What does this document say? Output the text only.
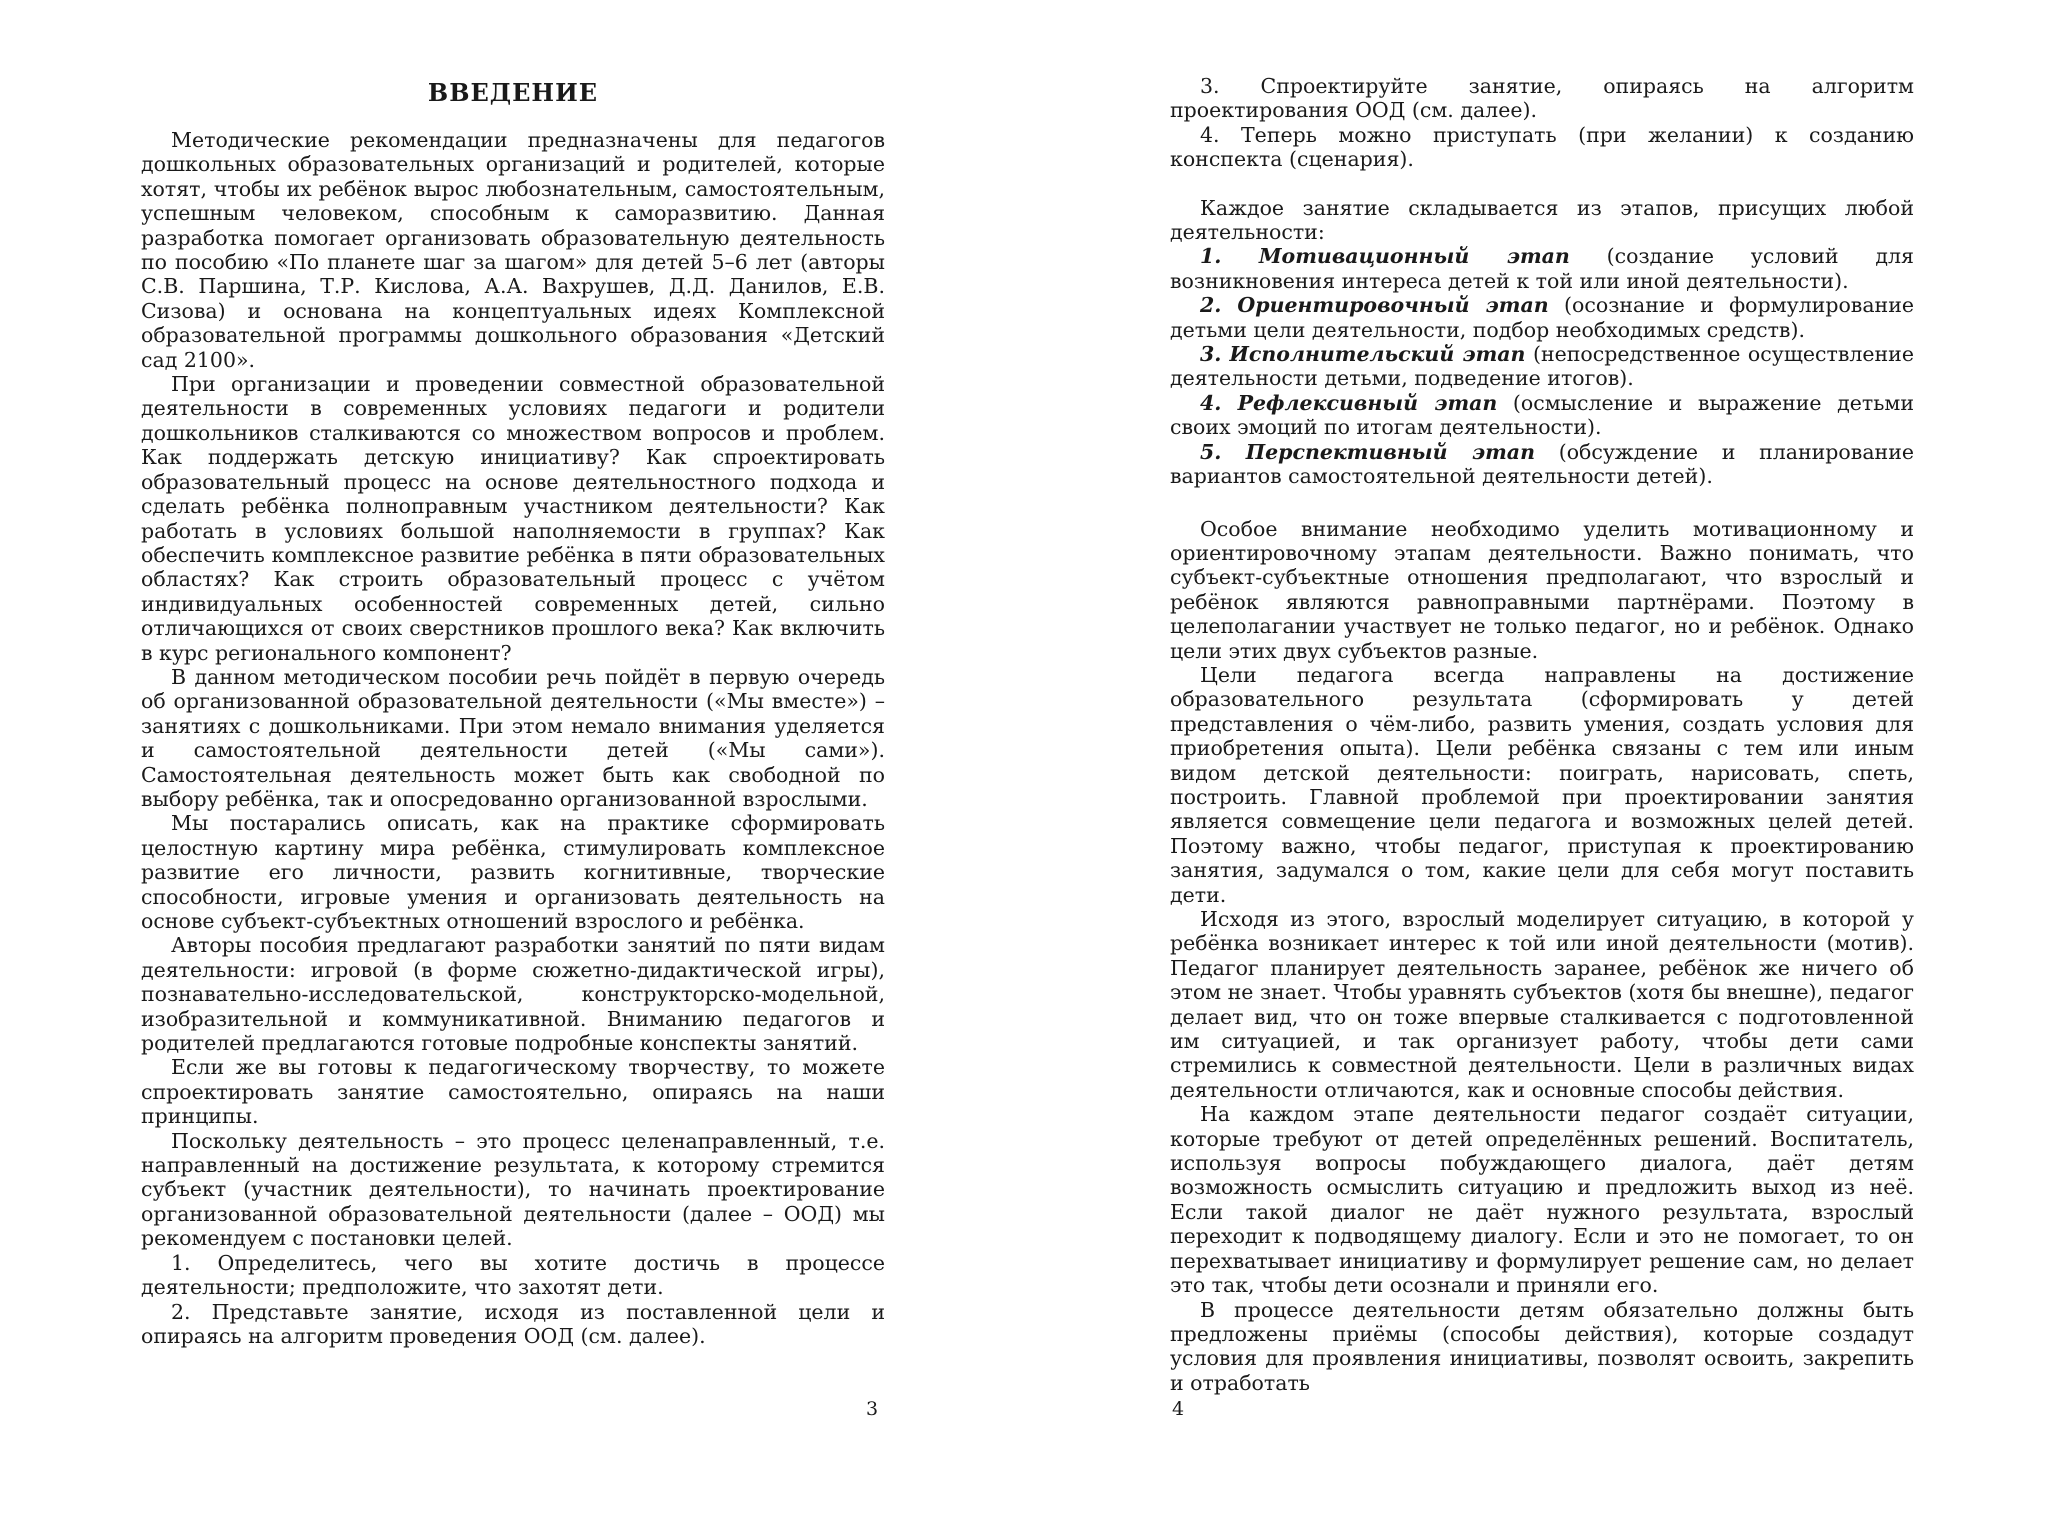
ВВЕДЕНИЕ

Методические рекомендации предназначены для педагогов дошкольных образовательных организаций и родителей, которые хотят, чтобы их ребёнок вырос любознательным, самостоятельным, успешным человеком, способным к саморазвитию. Данная разработка помогает организовать образовательную деятельность по пособию «По планете шаг за шагом» для детей 5–6 лет (авторы С.В. Паршина, Т.Р. Кислова, А.А. Вахрушев, Д.Д. Данилов, Е.В. Сизова) и основана на концептуальных идеях Комплексной образовательной программы дошкольного образования «Детский сад 2100».

При организации и проведении совместной образовательной деятельности в современных условиях педагоги и родители дошкольников сталкиваются со множеством вопросов и проблем. Как поддержать детскую инициативу? Как спроектировать образовательный процесс на основе деятельностного подхода и сделать ребёнка полноправным участником деятельности? Как работать в условиях большой наполняемости в группах? Как обеспечить комплексное развитие ребёнка в пяти образовательных областях? Как строить образовательный процесс с учётом индивидуальных особенностей современных детей, сильно отличающихся от своих сверстников прошлого века? Как включить в курс регионального компонент?

В данном методическом пособии речь пойдёт в первую очередь об организованной образовательной деятельности («Мы вместе») – занятиях с дошкольниками. При этом немало внимания уделяется и самостоятельной деятельности детей («Мы сами»). Самостоятельная деятельность может быть как свободной по выбору ребёнка, так и опосредованно организованной взрослыми.

Мы постарались описать, как на практике сформировать целостную картину мира ребёнка, стимулировать комплексное развитие его личности, развить когнитивные, творческие способности, игровые умения и организовать деятельность на основе субъект-субъектных отношений взрослого и ребёнка.

Авторы пособия предлагают разработки занятий по пяти видам деятельности: игровой (в форме сюжетно-дидактической игры), познавательно-исследовательской, конструкторско-модельной, изобразительной и коммуникативной. Вниманию педагогов и родителей предлагаются готовые подробные конспекты занятий.

Если же вы готовы к педагогическому творчеству, то можете спроектировать занятие самостоятельно, опираясь на наши принципы.

Поскольку деятельность – это процесс целенаправленный, т.е. направленный на достижение результата, к которому стремится субъект (участник деятельности), то начинать проектирование организованной образовательной деятельности (далее – ООД) мы рекомендуем с постановки целей.

1. Определитесь, чего вы хотите достичь в процессе деятельности; предположите, что захотят дети.

2. Представьте занятие, исходя из поставленной цели и опираясь на алгоритм проведения ООД (см. далее).

3

3. Спроектируйте занятие, опираясь на алгоритм проектирования ООД (см. далее).

4. Теперь можно приступать (при желании) к созданию конспекта (сценария).

Каждое занятие складывается из этапов, присущих любой деятельности:

1. Мотивационный этап (создание условий для возникновения интереса детей к той или иной деятельности).

2. Ориентировочный этап (осознание и формулирование детьми цели деятельности, подбор необходимых средств).

3. Исполнительский этап (непосредственное осуществление деятельности детьми, подведение итогов).

4. Рефлексивный этап (осмысление и выражение детьми своих эмоций по итогам деятельности).

5. Перспективный этап (обсуждение и планирование вариантов самостоятельной деятельности детей).

Особое внимание необходимо уделить мотивационному и ориентировочному этапам деятельности. Важно понимать, что субъект-субъектные отношения предполагают, что взрослый и ребёнок являются равноправными партнёрами. Поэтому в целеполагании участвует не только педагог, но и ребёнок. Однако цели этих двух субъектов разные.

Цели педагога всегда направлены на достижение образовательного результата (сформировать у детей представления о чём-либо, развить умения, создать условия для приобретения опыта). Цели ребёнка связаны с тем или иным видом детской деятельности: поиграть, нарисовать, спеть, построить. Главной проблемой при проектировании занятия является совмещение цели педагога и возможных целей детей. Поэтому важно, чтобы педагог, приступая к проектированию занятия, задумался о том, какие цели для себя могут поставить дети.

Исходя из этого, взрослый моделирует ситуацию, в которой у ребёнка возникает интерес к той или иной деятельности (мотив). Педагог планирует деятельность заранее, ребёнок же ничего об этом не знает. Чтобы уравнять субъектов (хотя бы внешне), педагог делает вид, что он тоже впервые сталкивается с подготовленной им ситуацией, и так организует работу, чтобы дети сами стремились к совместной деятельности. Цели в различных видах деятельности отличаются, как и основные способы действия.

На каждом этапе деятельности педагог создаёт ситуации, которые требуют от детей определённых решений. Воспитатель, используя вопросы побуждающего диалога, даёт детям возможность осмыслить ситуацию и предложить выход из неё. Если такой диалог не даёт нужного результата, взрослый переходит к подводящему диалогу. Если и это не помогает, то он перехватывает инициативу и формулирует решение сам, но делает это так, чтобы дети осознали и приняли его.

В процессе деятельности детям обязательно должны быть предложены приёмы (способы действия), которые создадут условия для проявления инициативы, позволят освоить, закрепить и отработать

4
